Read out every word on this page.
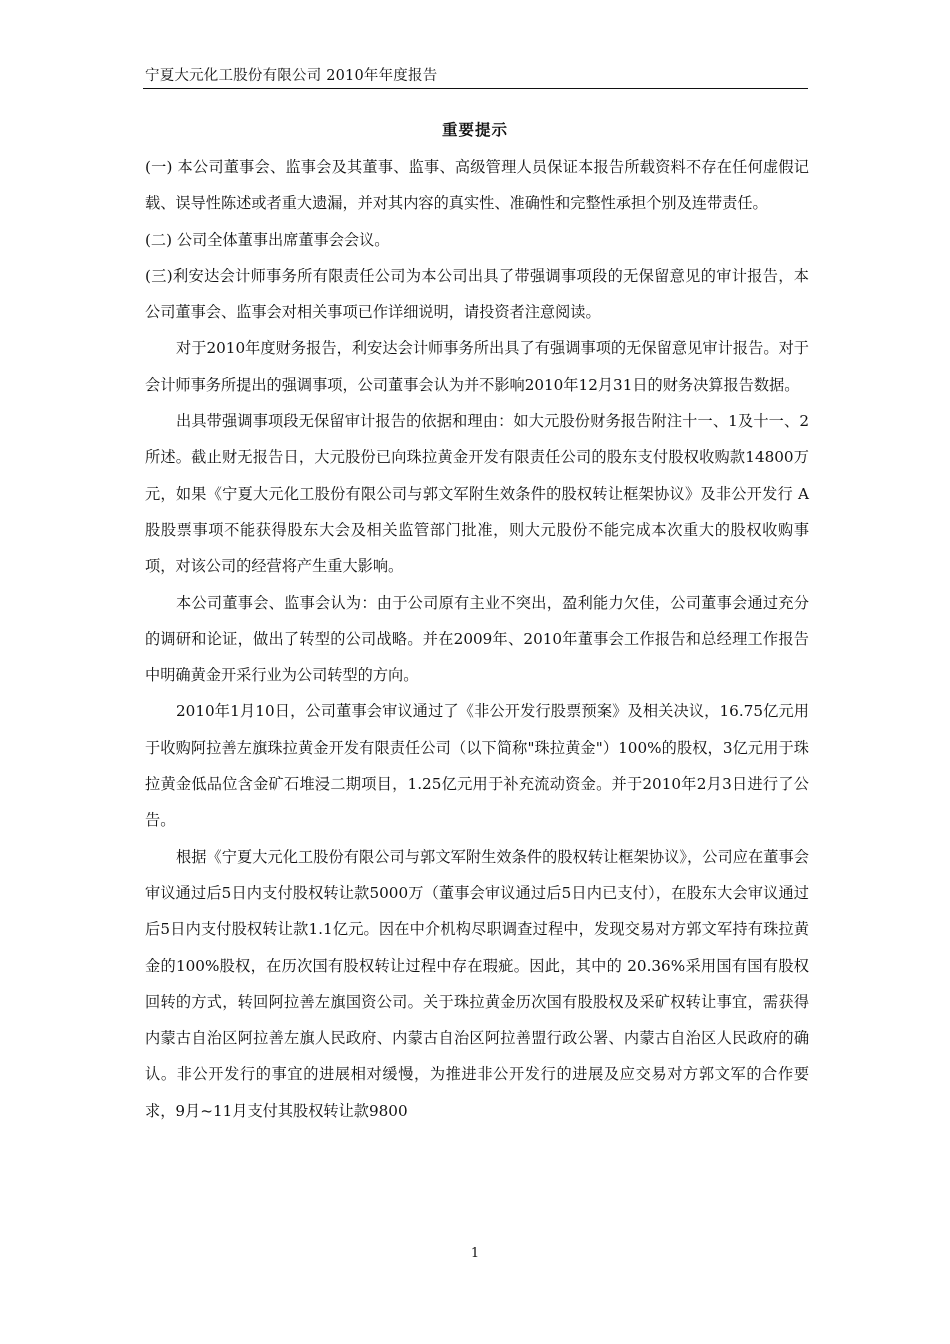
宁夏大元化工股份有限公司 2010年年度报告
重要提示

(一) 本公司董事会、监事会及其董事、监事、高级管理人员保证本报告所载资料不存在任何虚假记载、误导性陈述或者重大遗漏，并对其内容的真实性、准确性和完整性承担个别及连带责任。

(二) 公司全体董事出席董事会会议。

(三)利安达会计师事务所有限责任公司为本公司出具了带强调事项段的无保留意见的审计报告，本公司董事会、监事会对相关事项已作详细说明，请投资者注意阅读。

对于2010年度财务报告，利安达会计师事务所出具了有强调事项的无保留意见审计报告。对于会计师事务所提出的强调事项，公司董事会认为并不影响2010年12月31日的财务决算报告数据。

出具带强调事项段无保留审计报告的依据和理由：如大元股份财务报告附注十一、1及十一、2所述。截止财无报告日，大元股份已向珠拉黄金开发有限责任公司的股东支付股权收购款14800万元，如果《宁夏大元化工股份有限公司与郭文军附生效条件的股权转让框架协议》及非公开发行 A 股股票事项不能获得股东大会及相关监管部门批准，则大元股份不能完成本次重大的股权收购事项，对该公司的经营将产生重大影响。

本公司董事会、监事会认为：由于公司原有主业不突出，盈利能力欠佳，公司董事会通过充分的调研和论证，做出了转型的公司战略。并在2009年、2010年董事会工作报告和总经理工作报告中明确黄金开采行业为公司转型的方向。

2010年1月10日，公司董事会审议通过了《非公开发行股票预案》及相关决议，16.75亿元用于收购阿拉善左旗珠拉黄金开发有限责任公司（以下简称"珠拉黄金"）100%的股权，3亿元用于珠拉黄金低品位含金矿石堆浸二期项目，1.25亿元用于补充流动资金。并于2010年2月3日进行了公告。

根据《宁夏大元化工股份有限公司与郭文军附生效条件的股权转让框架协议》，公司应在董事会审议通过后5日内支付股权转让款5000万（董事会审议通过后5日内已支付），在股东大会审议通过后5日内支付股权转让款1.1亿元。因在中介机构尽职调查过程中，发现交易对方郭文军持有珠拉黄金的100%股权，在历次国有股权转让过程中存在瑕疵。因此，其中的 20.36%采用国有国有股权回转的方式，转回阿拉善左旗国资公司。关于珠拉黄金历次国有股股权及采矿权转让事宜，需获得内蒙古自治区阿拉善左旗人民政府、内蒙古自治区阿拉善盟行政公署、内蒙古自治区人民政府的确认。非公开发行的事宜的进展相对缓慢，为推进非公开发行的进展及应交易对方郭文军的合作要求，9月~11月支付其股权转让款9800

1
